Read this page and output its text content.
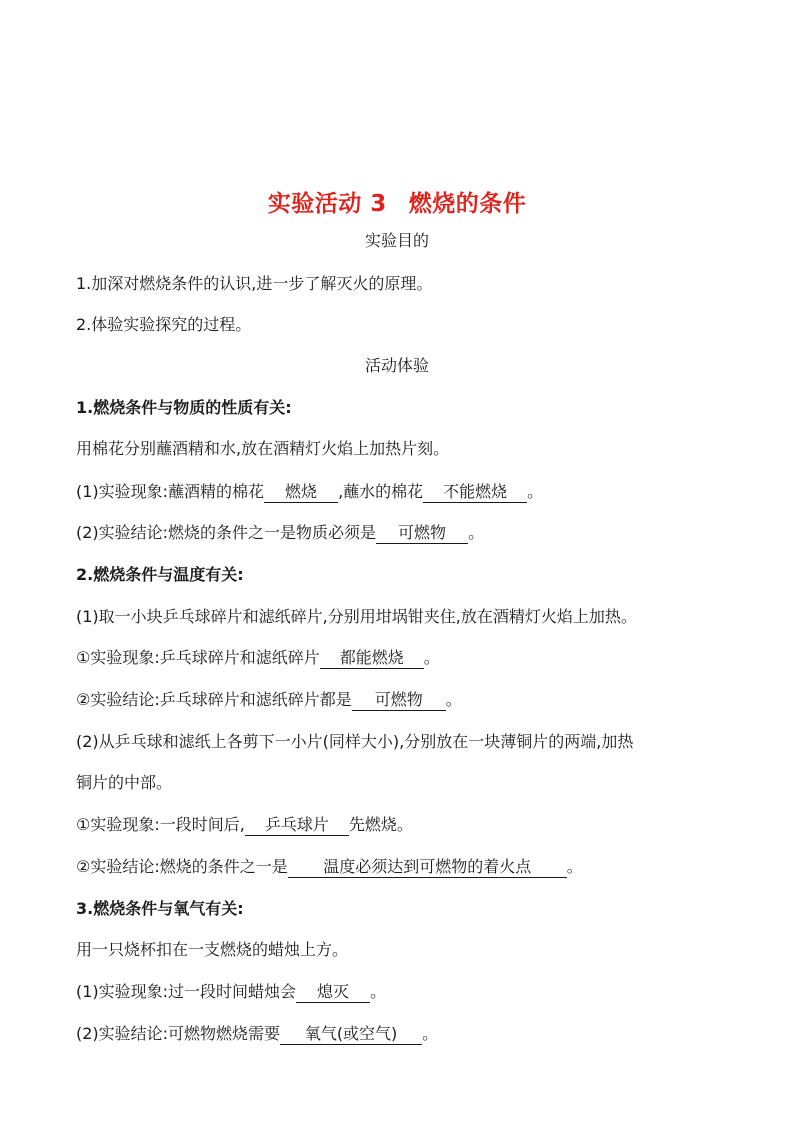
实验活动 3 燃烧的条件
实验目的
1.加深对燃烧条件的认识,进一步了解灭火的原理。
2.体验实验探究的过程。
活动体验
1.燃烧条件与物质的性质有关:
用棉花分别蘸酒精和水,放在酒精灯火焰上加热片刻。
(1)实验现象:蘸酒精的棉花 燃烧 ,蘸水的棉花 不能燃烧 。
(2)实验结论:燃烧的条件之一是物质必须是 可燃物 。
2.燃烧条件与温度有关:
(1)取一小块乒乓球碎片和滤纸碎片,分别用坩埚钳夹住,放在酒精灯火焰上加热。
①实验现象:乒乓球碎片和滤纸碎片 都能燃烧 。
②实验结论:乒乓球碎片和滤纸碎片都是 可燃物 。
(2)从乒乓球和滤纸上各剪下一小片(同样大小),分别放在一块薄铜片的两端,加热
铜片的中部。
①实验现象:一段时间后, 乒乓球片 先燃烧。
②实验结论:燃烧的条件之一是 温度必须达到可燃物的着火点 。
3.燃烧条件与氧气有关:
用一只烧杯扣在一支燃烧的蜡烛上方。
(1)实验现象:过一段时间蜡烛会 熄灭 。
(2)实验结论:可燃物燃烧需要 氧气(或空气) 。
